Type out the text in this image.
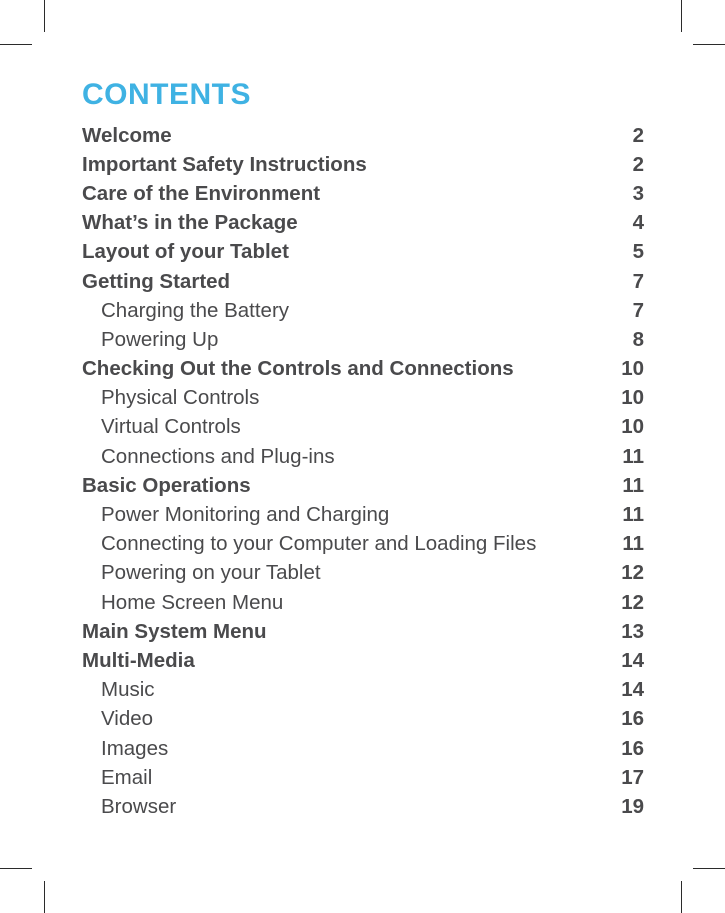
CONTENTS
Welcome	2
Important Safety Instructions	2
Care of the Environment	3
What’s in the Package	4
Layout of your Tablet	5
Getting Started	7
Charging the Battery	7
Powering Up	8
Checking Out the Controls and Connections	10
Physical Controls	10
Virtual Controls	10
Connections and Plug-ins	11
Basic Operations	11
Power Monitoring and Charging	11
Connecting to your Computer and Loading Files	11
Powering on your Tablet	12
Home Screen Menu	12
Main System Menu	13
Multi-Media	14
Music	14
Video	16
Images	16
Email	17
Browser	19
